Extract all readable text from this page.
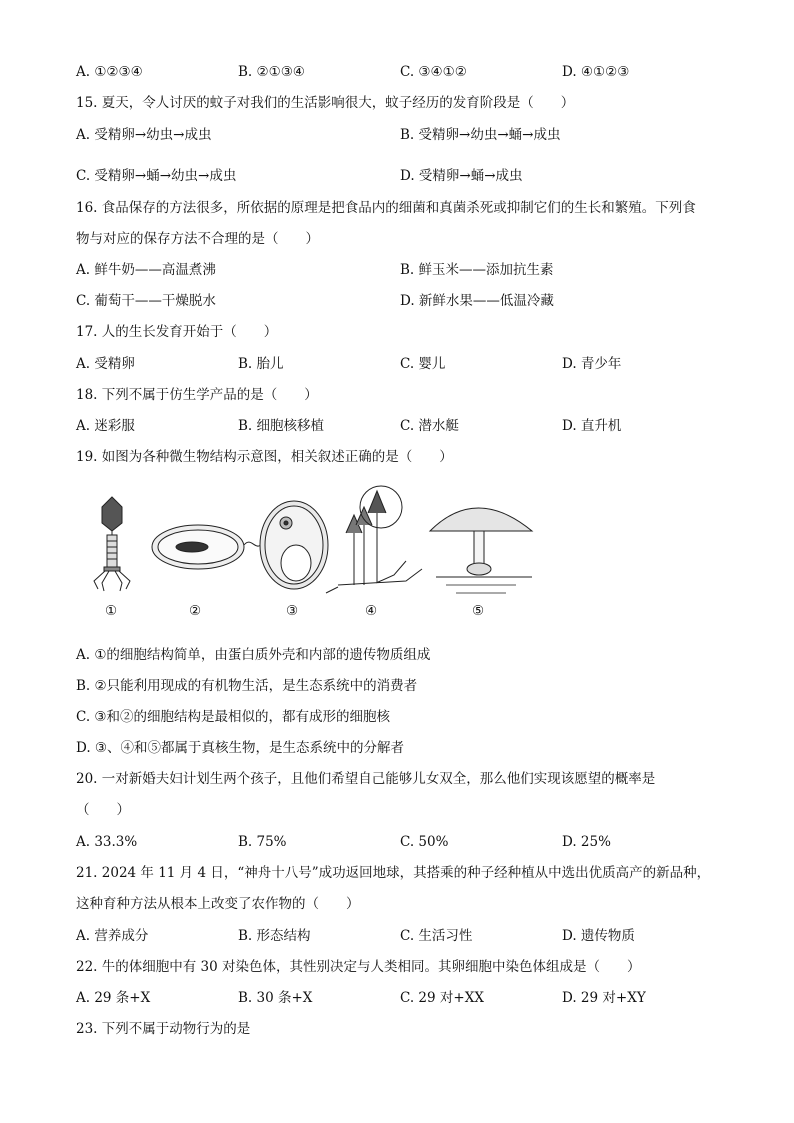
A. ①②③④	B. ②①③④	C. ③④①②	D. ④①②③
15. 夏天，令人讨厌的蚊子对我们的生活影响很大，蚊子经历的发育阶段是（　　）
A. 受精卵→幼虫→成虫	B. 受精卵→幼虫→蛹→成虫
C. 受精卵→蛹→幼虫→成虫	D. 受精卵→蛹→成虫
16. 食品保存的方法很多，所依据的原理是把食品内的细菌和真菌杀死或抑制它们的生长和繁殖。下列食
物与对应的保存方法不合理的是（　　）
A. 鲜牛奶——高温煮沸	B. 鲜玉米——添加抗生素
C. 葡萄干——干燥脱水	D. 新鲜水果——低温冷藏
17. 人的生长发育开始于（　　）
A. 受精卵	B. 胎儿	C. 婴儿	D. 青少年
18. 下列不属于仿生学产品的是（　　）
A. 迷彩服	B. 细胞核移植	C. 潜水艇	D. 直升机
19. 如图为各种微生物结构示意图，相关叙述正确的是（　　）
①	②	③	④	⑤
A. ①的细胞结构简单，由蛋白质外壳和内部的遗传物质组成
B. ②只能利用现成的有机物生活，是生态系统中的消费者
C. ③和②的细胞结构是最相似的，都有成形的细胞核
D. ③、④和⑤都属于真核生物，是生态系统中的分解者
20. 一对新婚夫妇计划生两个孩子，且他们希望自己能够儿女双全，那么他们实现该愿望的概率是
（　　）
A. 33.3%	B. 75%	C. 50%	D. 25%
21. 2024 年 11 月 4 日，“神舟十八号”成功返回地球，其搭乘的种子经种植从中选出优质高产的新品种，
这种育种方法从根本上改变了农作物的（　　）
A. 营养成分	B. 形态结构	C. 生活习性	D. 遗传物质
22. 牛的体细胞中有 30 对染色体，其性别决定与人类相同。其卵细胞中染色体组成是（　　）
A. 29 条+X	B. 30 条+X	C. 29 对+XX	D. 29 对+XY
23. 下列不属于动物行为的是
